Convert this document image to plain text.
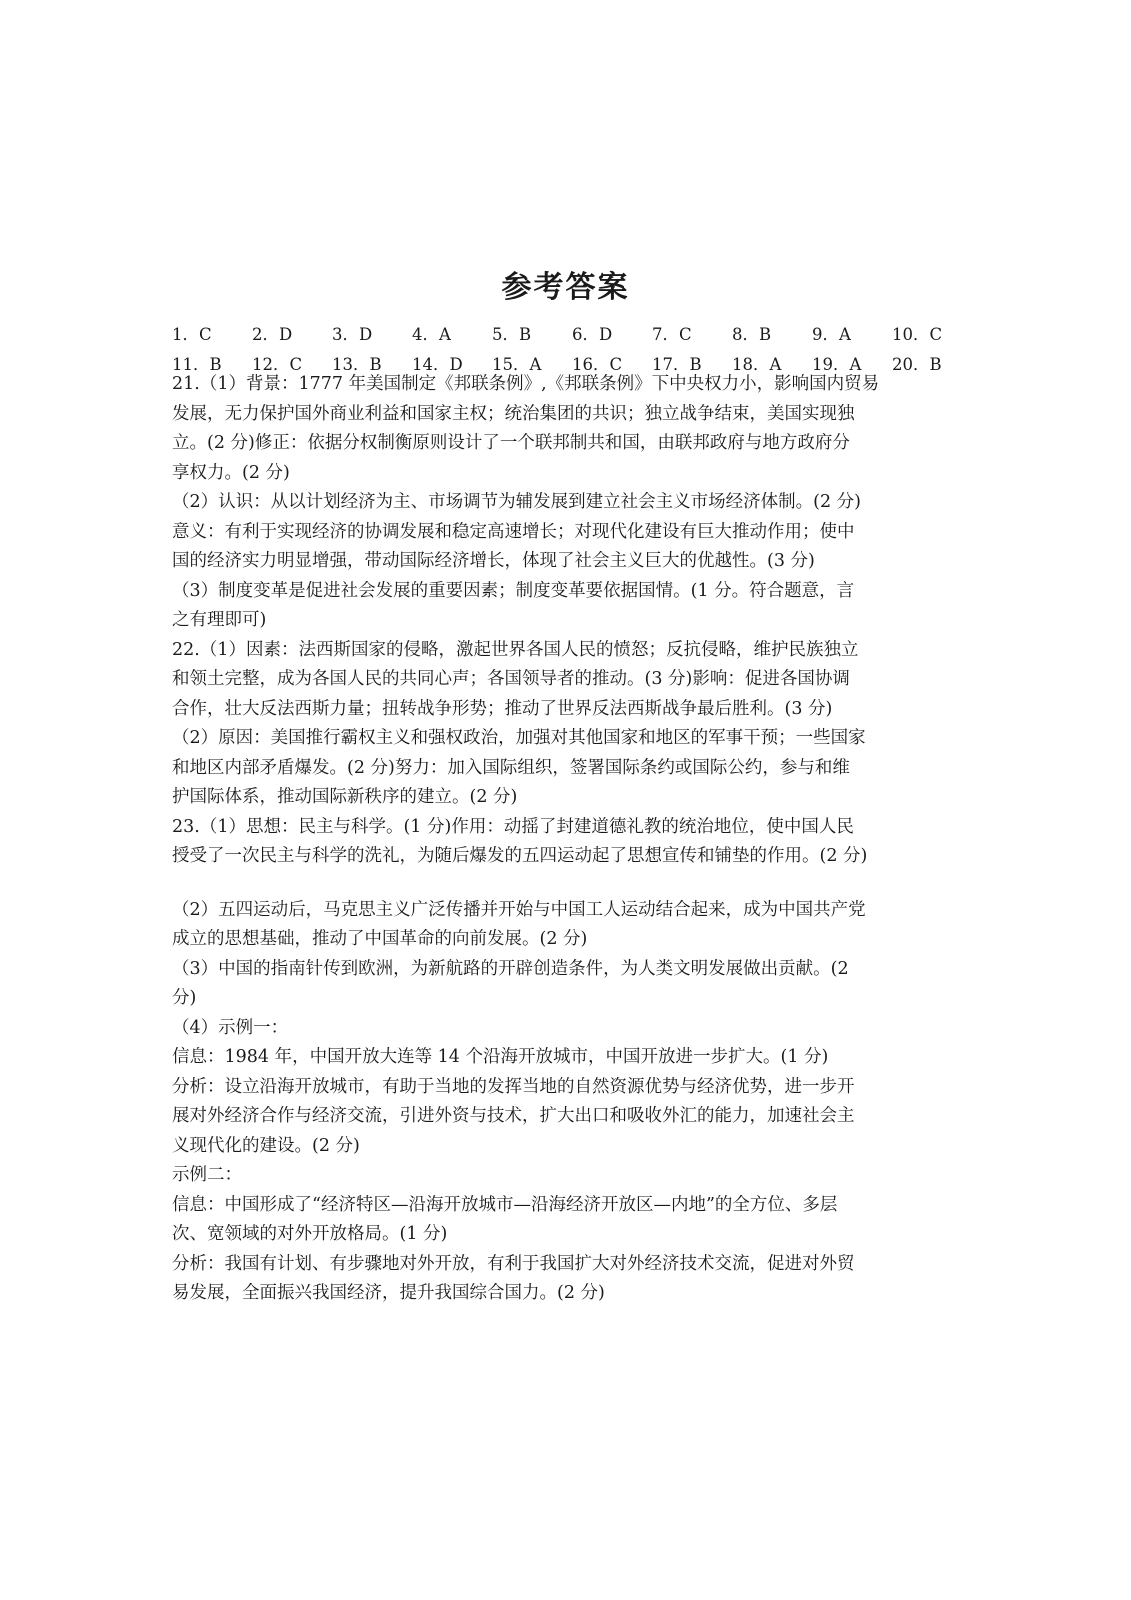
参考答案
1．C	2．D	3．D	4．A	5．B	6．D	7．C	8．B	9．A	10．C
11．B	12．C	13．B	14．D	15．A	16．C	17．B	18．A	19．A	20．B
21.（1）背景：1777 年美国制定《邦联条例》,《邦联条例》下中央权力小，影响国内贸易
发展，无力保护国外商业利益和国家主权；统治集团的共识；独立战争结束，美国实现独
立。(2 分)修正：依据分权制衡原则设计了一个联邦制共和国，由联邦政府与地方政府分
享权力。(2 分)
（2）认识：从以计划经济为主、市场调节为辅发展到建立社会主义市场经济体制。(2 分)
意义：有利于实现经济的协调发展和稳定高速增长；对现代化建设有巨大推动作用；使中
国的经济实力明显增强，带动国际经济增长，体现了社会主义巨大的优越性。(3 分)
（3）制度变革是促进社会发展的重要因素；制度变革要依据国情。(1 分。符合题意，言
之有理即可)
22.（1）因素：法西斯国家的侵略，激起世界各国人民的愤怒；反抗侵略，维护民族独立
和领土完整，成为各国人民的共同心声；各国领导者的推动。(3 分)影响：促进各国协调
合作，壮大反法西斯力量；扭转战争形势；推动了世界反法西斯战争最后胜利。(3 分)
（2）原因：美国推行霸权主义和强权政治，加强对其他国家和地区的军事干预；一些国家
和地区内部矛盾爆发。(2 分)努力：加入国际组织，签署国际条约或国际公约，参与和维
护国际体系，推动国际新秩序的建立。(2 分)
23.（1）思想：民主与科学。(1 分)作用：动摇了封建道德礼教的统治地位，使中国人民
授受了一次民主与科学的洗礼，为随后爆发的五四运动起了思想宣传和铺垫的作用。(2 分)
（2）五四运动后，马克思主义广泛传播并开始与中国工人运动结合起来，成为中国共产党
成立的思想基础，推动了中国革命的向前发展。(2 分)
（3）中国的指南针传到欧洲，为新航路的开辟创造条件，为人类文明发展做出贡献。(2
分)
（4）示例一：
信息：1984 年，中国开放大连等 14 个沿海开放城市，中国开放进一步扩大。(1 分)
分析：设立沿海开放城市，有助于当地的发挥当地的自然资源优势与经济优势，进一步开
展对外经济合作与经济交流，引进外资与技术，扩大出口和吸收外汇的能力，加速社会主
义现代化的建设。(2 分)
示例二：
信息：中国形成了“经济特区—沿海开放城市—沿海经济开放区—内地”的全方位、多层
次、宽领域的对外开放格局。(1 分)
分析：我国有计划、有步骤地对外开放，有利于我国扩大对外经济技术交流，促进对外贸
易发展，全面振兴我国经济，提升我国综合国力。(2 分)
